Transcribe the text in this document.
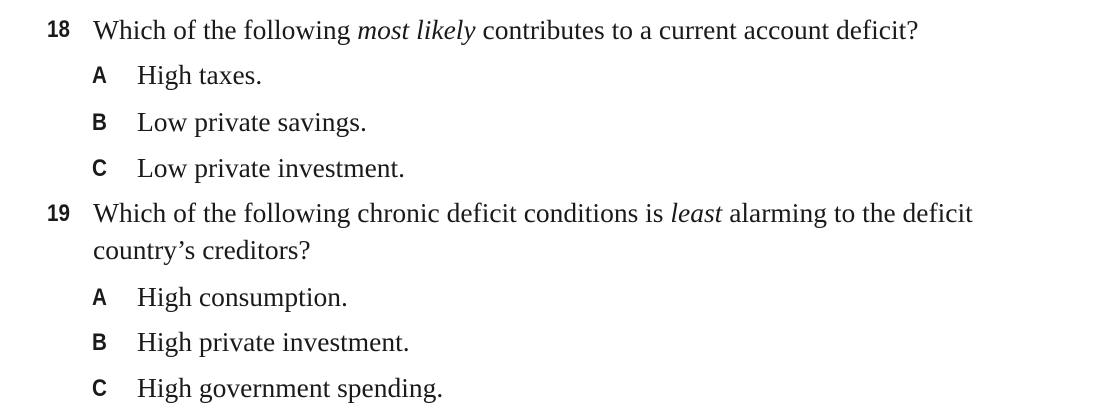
18 Which of the following most likely contributes to a current account deficit?
A High taxes.
B Low private savings.
C Low private investment.
19 Which of the following chronic deficit conditions is least alarming to the deficit
country’s creditors?
A High consumption.
B High private investment.
C High government spending.
